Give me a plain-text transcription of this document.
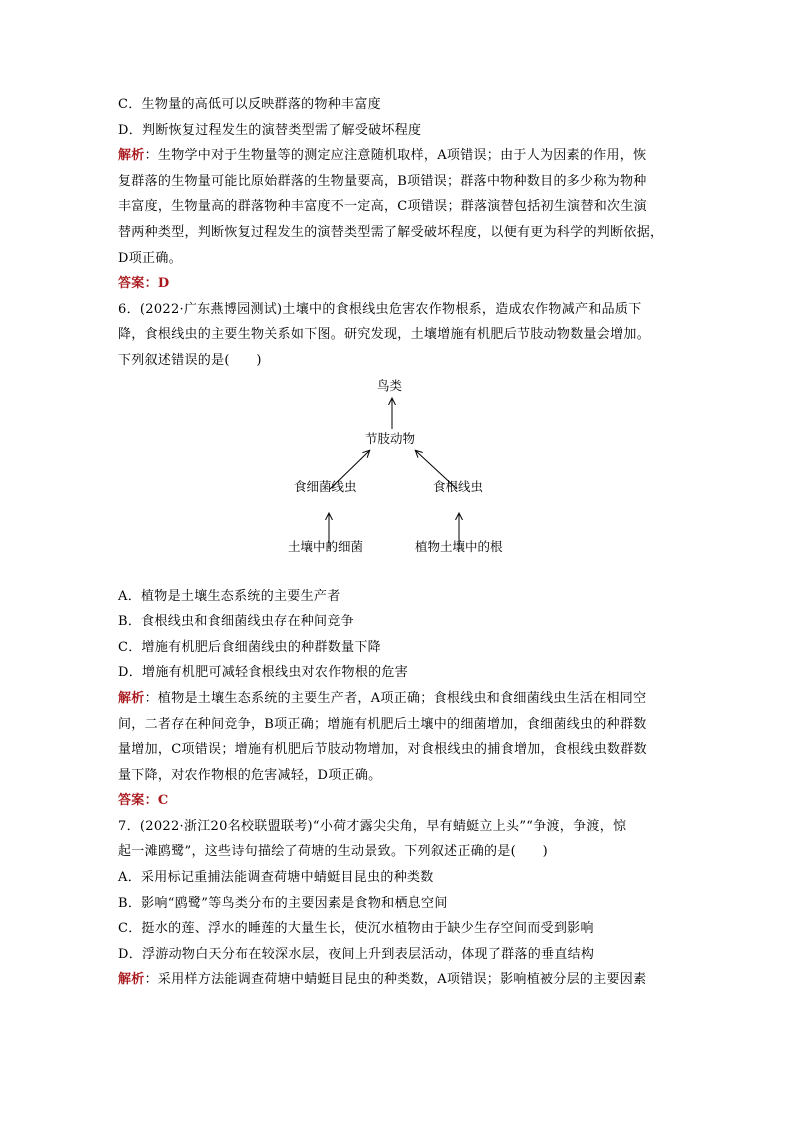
C．生物量的高低可以反映群落的物种丰富度
D．判断恢复过程发生的演替类型需了解受破坏程度
解析：生物学中对于生物量等的测定应注意随机取样，A项错误；由于人为因素的作用，恢
复群落的生物量可能比原始群落的生物量要高，B项错误；群落中物种数目的多少称为物种
丰富度，生物量高的群落物种丰富度不一定高，C项错误；群落演替包括初生演替和次生演
替两种类型，判断恢复过程发生的演替类型需了解受破坏程度，以便有更为科学的判断依据，
D项正确。
答案：D
6．(2022·广东燕博园测试)土壤中的食根线虫危害农作物根系，造成农作物减产和品质下
降，食根线虫的主要生物关系如下图。研究发现，土壤增施有机肥后节肢动物数量会增加。
下列叙述错误的是(　　)
鸟类
节肢动物
食细菌线虫	食根线虫
土壤中的细菌	植物土壤中的根
A．植物是土壤生态系统的主要生产者
B．食根线虫和食细菌线虫存在种间竞争
C．增施有机肥后食细菌线虫的种群数量下降
D．增施有机肥可减轻食根线虫对农作物根的危害
解析：植物是土壤生态系统的主要生产者，A项正确；食根线虫和食细菌线虫生活在相同空
间，二者存在种间竞争，B项正确；增施有机肥后土壤中的细菌增加，食细菌线虫的种群数
量增加，C项错误；增施有机肥后节肢动物增加，对食根线虫的捕食增加，食根线虫数群数
量下降，对农作物根的危害减轻，D项正确。
答案：C
7．(2022·浙江20名校联盟联考)“小荷才露尖尖角，早有蜻蜓立上头”“争渡，争渡，惊
起一滩鸥鹭”，这些诗句描绘了荷塘的生动景致。下列叙述正确的是(　　)
A．采用标记重捕法能调查荷塘中蜻蜓目昆虫的种类数
B．影响“鸥鹭”等鸟类分布的主要因素是食物和栖息空间
C．挺水的莲、浮水的睡莲的大量生长，使沉水植物由于缺少生存空间而受到影响
D．浮游动物白天分布在较深水层，夜间上升到表层活动，体现了群落的垂直结构
解析：采用样方法能调查荷塘中蜻蜓目昆虫的种类数，A项错误；影响植被分层的主要因素
